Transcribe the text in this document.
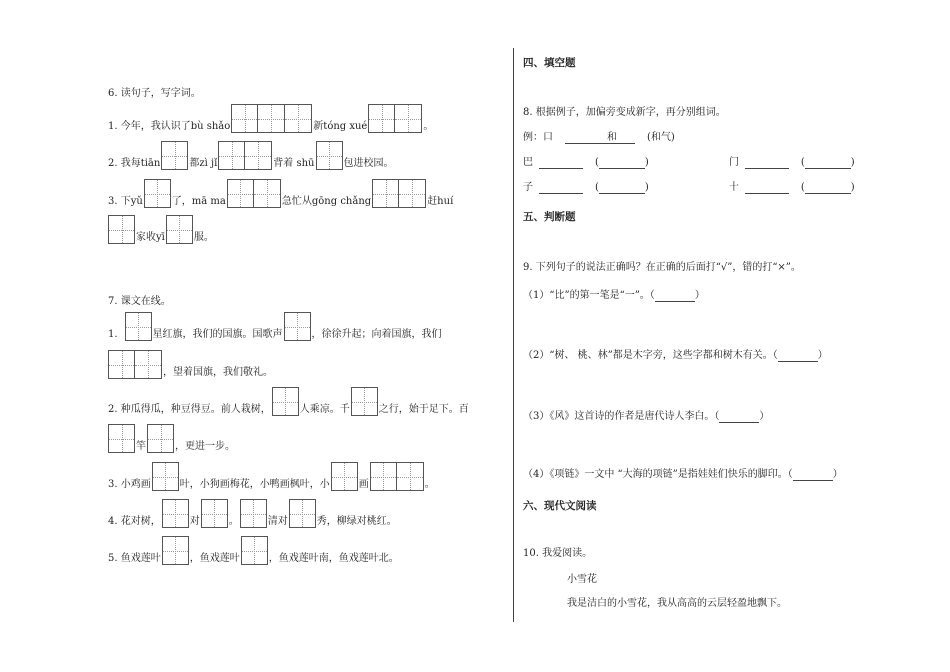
6. 读句子，写字词。
1. 今年，我认识了bù shǎo	新tóng xué	。
2. 我每tiān	都zì jǐ	背着 shū	包进校园。
3. 下yǔ	了，mā ma	急忙从gōng chǎng	赶huí
家收yī	服。
7. 课文在线。
1.	星红旗，我们的国旗。国歌声	，徐徐升起；向着国旗，我们
，望着国旗，我们敬礼。
2. 种瓜得瓜，种豆得豆。前人栽树，	人乘凉。千	之行，始于足下。百
竿	，更进一步。
3. 小鸡画	叶，小狗画梅花，小鸭画枫叶，小	画	。
4. 花对树，	对	。	清对	秀，柳绿对桃红。
5. 鱼戏莲叶	，鱼戏莲叶	，鱼戏莲叶南，鱼戏莲叶北。
四、填空题
8. 根据例子，加偏旁变成新字，再分别组词。
例：口	和	(和气)
巴	(	)	门	(	)
子	(	)	十	(	)
五、判断题
9. 下列句子的说法正确吗？在正确的后面打“√”，错的打“×”。
（1）“比”的第一笔是“一”。（	）
（2）“树、 桃、林”都是木字旁，这些字都和树木有关。（	）
（3）《风》这首诗的作者是唐代诗人李白。（	）
（4）《项链》一文中 “大海的项链”是指娃娃们快乐的脚印。（	）
六、现代文阅读
10. 我爱阅读。
小雪花
我是洁白的小雪花，我从高高的云层轻盈地飘下。
